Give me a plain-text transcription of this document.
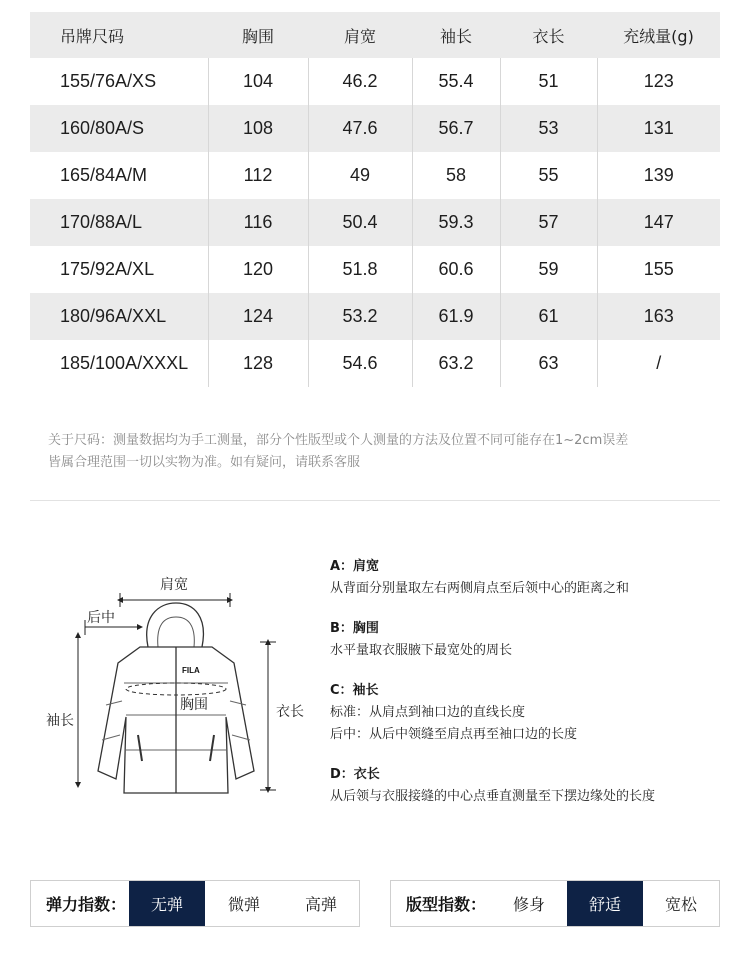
吊牌尺码	胸围	肩宽	袖长	衣长	充绒量(g)
155/76A/XS	104	46.2	55.4	51	123
160/80A/S	108	47.6	56.7	53	131
165/84A/M	112	49	58	55	139
170/88A/L	116	50.4	59.3	57	147
175/92A/XL	120	51.8	60.6	59	155
180/96A/XXL	124	53.2	61.9	61	163
185/100A/XXXL	128	54.6	63.2	63	/
关于尺码：测量数据均为手工测量，部分个性版型或个人测量的方法及位置不同可能存在1~2cm误差
皆属合理范围一切以实物为准。如有疑问，请联系客服
FILA
肩宽
后中
胸围
袖长
衣长
A：肩宽
从背面分别量取左右两侧肩点至后领中心的距离之和
B：胸围
水平量取衣服腋下最宽处的周长
C：袖长
标准：从肩点到袖口边的直线长度
后中：从后中领缝至肩点再至袖口边的长度
D：衣长
从后领与衣服接缝的中心点垂直测量至下摆边缘处的长度
弹力指数：	无弹	微弹	高弹	版型指数：	修身	舒适	宽松
